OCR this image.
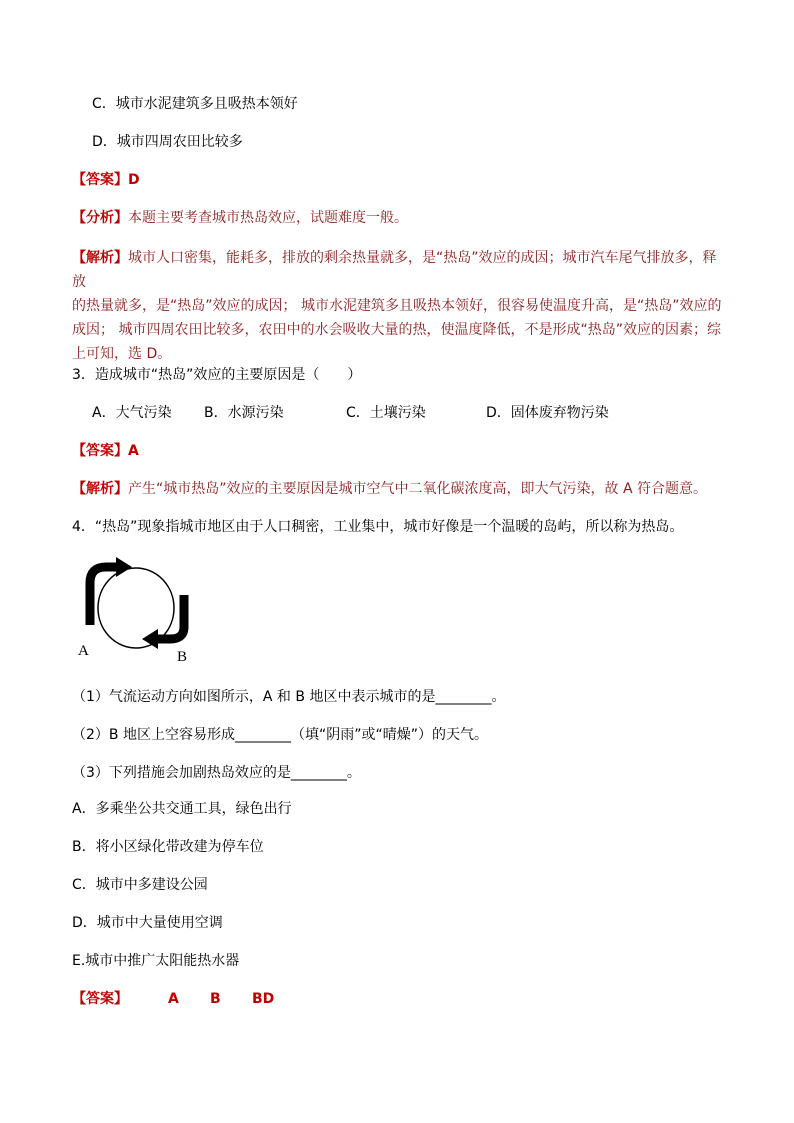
C．城市水泥建筑多且吸热本领好
D．城市四周农田比较多
【答案】D
【分析】本题主要考查城市热岛效应，试题难度一般。
【解析】城市人口密集，能耗多，排放的剩余热量就多，是“热岛”效应的成因；城市汽车尾气排放多，释放
的热量就多，是“热岛”效应的成因； 城市水泥建筑多且吸热本领好，很容易使温度升高，是“热岛”效应的
成因； 城市四周农田比较多，农田中的水会吸收大量的热，使温度降低，不是形成“热岛”效应的因素；综
上可知，选 D。
3．造成城市“热岛”效应的主要原因是（　　）
A．大气污染 B．水源污染	C．土壤污染	D．固体废弃物污染
【答案】A
【解析】产生“城市热岛”效应的主要原因是城市空气中二氧化碳浓度高，即大气污染，故 A 符合题意。
4．“热岛”现象指城市地区由于人口稠密，工业集中，城市好像是一个温暖的岛屿，所以称为热岛。
A	B
（1）气流运动方向如图所示，A 和 B 地区中表示城市的是________。
（2）B 地区上空容易形成________（填“阴雨”或“晴燥”）的天气。
（3）下列措施会加剧热岛效应的是________。
A．多乘坐公共交通工具，绿色出行
B．将小区绿化带改建为停车位
C．城市中多建设公园
D．城市中大量使用空调
E.城市中推广太阳能热水器
【答案】	A B BD
